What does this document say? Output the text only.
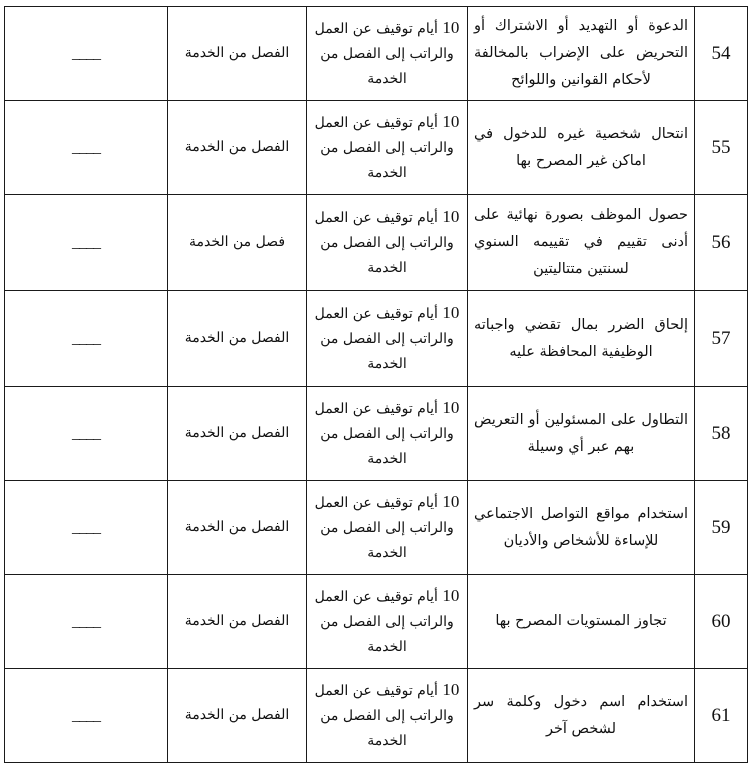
54	الدعوة أو التهديد أو الاشتراك أو التحريض على الإضراب بالمخالفة لأحكام القوانين واللوائح	10 أيام توقيف عن العمل والراتب إلى الفصل من الخدمة	الفصل من الخدمة	____
55	انتحال شخصية غيره للدخول في اماكن غير المصرح بها	10 أيام توقيف عن العمل والراتب إلى الفصل من الخدمة	الفصل من الخدمة	____
56	حصول الموظف بصورة نهائية على أدنى تقييم في تقييمه السنوي لسنتين متتاليتين	10 أيام توقيف عن العمل والراتب إلى الفصل من الخدمة	فصل من الخدمة	____
57	إلحاق الضرر بمال تقضي واجباته الوظيفية المحافظة عليه	10 أيام توقيف عن العمل والراتب إلى الفصل من الخدمة	الفصل من الخدمة	____
58	التطاول على المسئولين أو التعريض بهم عبر أي وسيلة	10 أيام توقيف عن العمل والراتب إلى الفصل من الخدمة	الفصل من الخدمة	____
59	استخدام مواقع التواصل الاجتماعي للإساءة للأشخاص والأديان	10 أيام توقيف عن العمل والراتب إلى الفصل من الخدمة	الفصل من الخدمة	____
60	تجاوز المستويات المصرح بها	10 أيام توقيف عن العمل والراتب إلى الفصل من الخدمة	الفصل من الخدمة	____
61	استخدام اسم دخول وكلمة سر لشخص آخر	10 أيام توقيف عن العمل والراتب إلى الفصل من الخدمة	الفصل من الخدمة	____
